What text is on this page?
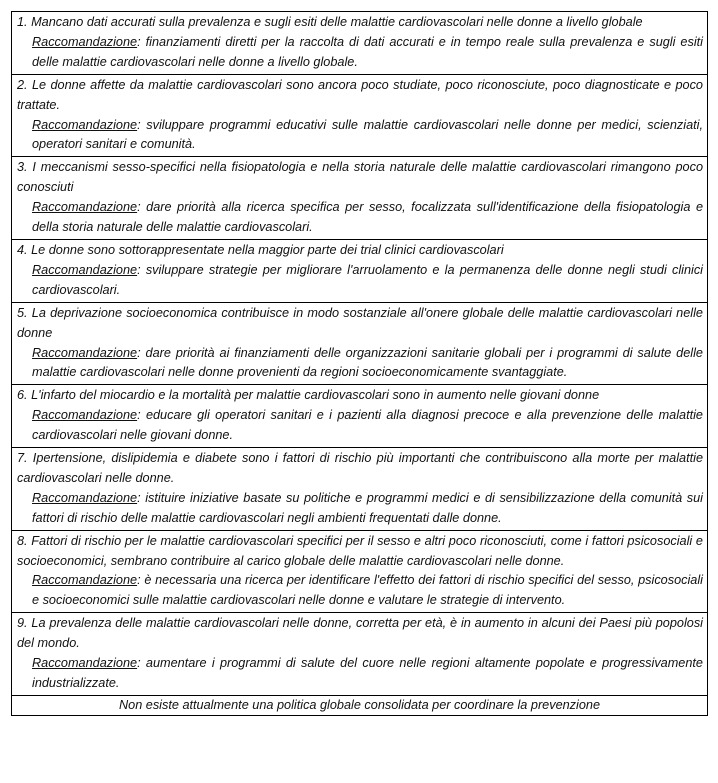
1. Mancano dati accurati sulla prevalenza e sugli esiti delle malattie cardiovascolari nelle donne a livello globale

Raccomandazione: finanziamenti diretti per la raccolta di dati accurati e in tempo reale sulla prevalenza e sugli esiti delle malattie cardiovascolari nelle donne a livello globale.

2. Le donne affette da malattie cardiovascolari sono ancora poco studiate, poco riconosciute, poco diagnosticate e poco trattate.

Raccomandazione: sviluppare programmi educativi sulle malattie cardiovascolari nelle donne per medici, scienziati, operatori sanitari e comunità.

3. I meccanismi sesso-specifici nella fisiopatologia e nella storia naturale delle malattie cardiovascolari rimangono poco conosciuti

Raccomandazione: dare priorità alla ricerca specifica per sesso, focalizzata sull'identificazione della fisiopatologia e della storia naturale delle malattie cardiovascolari.

4. Le donne sono sottorappresentate nella maggior parte dei trial clinici cardiovascolari

Raccomandazione: sviluppare strategie per migliorare l'arruolamento e la permanenza delle donne negli studi clinici cardiovascolari.

5. La deprivazione socioeconomica contribuisce in modo sostanziale all'onere globale delle malattie cardiovascolari nelle donne

Raccomandazione: dare priorità ai finanziamenti delle organizzazioni sanitarie globali per i programmi di salute delle malattie cardiovascolari nelle donne provenienti da regioni socioeconomicamente svantaggiate.

6. L'infarto del miocardio e la mortalità per malattie cardiovascolari sono in aumento nelle giovani donne

Raccomandazione: educare gli operatori sanitari e i pazienti alla diagnosi precoce e alla prevenzione delle malattie cardiovascolari nelle giovani donne.

7. Ipertensione, dislipidemia e diabete sono i fattori di rischio più importanti che contribuiscono alla morte per malattie cardiovascolari nelle donne.

Raccomandazione: istituire iniziative basate su politiche e programmi medici e di sensibilizzazione della comunità sui fattori di rischio delle malattie cardiovascolari negli ambienti frequentati dalle donne.

8. Fattori di rischio per le malattie cardiovascolari specifici per il sesso e altri poco riconosciuti, come i fattori psicosociali e socioeconomici, sembrano contribuire al carico globale delle malattie cardiovascolari nelle donne.

Raccomandazione: è necessaria una ricerca per identificare l'effetto dei fattori di rischio specifici del sesso, psicosociali e socioeconomici sulle malattie cardiovascolari nelle donne e valutare le strategie di intervento.

9. La prevalenza delle malattie cardiovascolari nelle donne, corretta per età, è in aumento in alcuni dei Paesi più popolosi del mondo.

Raccomandazione: aumentare i programmi di salute del cuore nelle regioni altamente popolate e progressivamente industrializzate.

Non esiste attualmente una politica globale consolidata per coordinare la prevenzione
